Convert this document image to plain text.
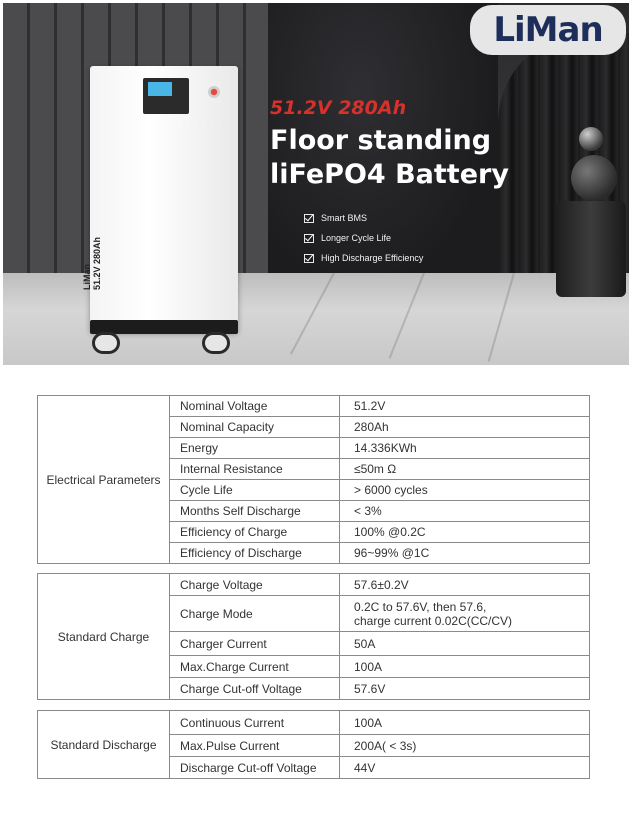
LiMan 51.2V 280Ah
LiMan
51.2V 280Ah
Floor standing
liFePO4 Battery
Smart BMS
Longer Cycle Life
High Discharge Efficiency
Electrical Parameters	Nominal Voltage	51.2V
	Nominal Capacity	280Ah
	Energy	14.336KWh
	Internal Resistance	≤50m Ω
	Cycle Life	> 6000 cycles
	Months Self Discharge	< 3%
	Efficiency of Charge	100% @0.2C
	Efficiency of Discharge	96~99% @1C
Standard Charge	Charge Voltage	57.6±0.2V
	Charge Mode	0.2C to 57.6V, then 57.6,
charge current 0.02C(CC/CV)

	Charger Current	50A
	Max.Charge Current	100A
	Charge Cut-off Voltage	57.6V
Standard Discharge	Continuous Current	100A
	Max.Pulse Current	200A( < 3s)
	Discharge Cut-off Voltage	44V
